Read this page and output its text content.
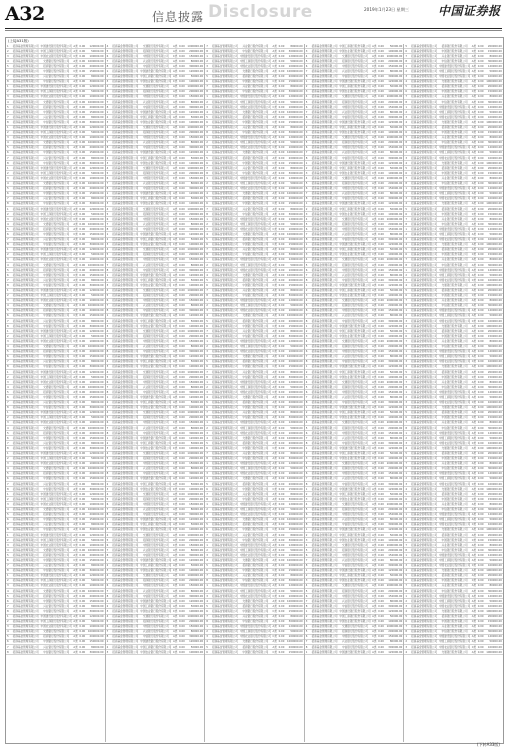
A32	信息披露 Disclosure	2019年1月23日 星期三 中国证券报
(上接A31版)
1	招商基金管理有限公司 中国建设银行股份有限公司 A类 0.00	120000.00
2	招商基金管理有限公司 中国工商银行股份有限公司 A类 0.00	50000.00
3	招商基金管理有限公司 中国农业银行股份有限公司 C类 0.00	100000.00
4	招商基金管理有限公司	交通银行股份有限公司	A类 0.00	1000000.00
5	招商基金管理有限公司	招商银行股份有限公司	A类 0.00	200000.00
6	招商基金管理有限公司	中国银行股份有限公司	C类 0.00	150000.00
7	招商基金管理有限公司	兴业银行股份有限公司	A类 0.00	80000.00
8	招商基金管理有限公司	中信银行股份有限公司	A类 0.00	300000.00
1	招商基金管理有限公司 中国建设银行股份有限公司 A类 0.00	120000.00
2	招商基金管理有限公司 中国工商银行股份有限公司 A类 0.00	50000.00
3	招商基金管理有限公司 中国农业银行股份有限公司 C类 0.00	100000.00
4	招商基金管理有限公司	交通银行股份有限公司	A类 0.00	1000000.00
5	招商基金管理有限公司	招商银行股份有限公司	A类 0.00	200000.00
6	招商基金管理有限公司	中国银行股份有限公司	C类 0.00	150000.00
7	招商基金管理有限公司	兴业银行股份有限公司	A类 0.00	80000.00
8	招商基金管理有限公司	中信银行股份有限公司	A类 0.00	300000.00
1	招商基金管理有限公司 中国建设银行股份有限公司 A类 0.00	120000.00
2	招商基金管理有限公司 中国工商银行股份有限公司 A类 0.00	50000.00
3	招商基金管理有限公司 中国农业银行股份有限公司 C类 0.00	100000.00
4	招商基金管理有限公司	交通银行股份有限公司	A类 0.00	1000000.00
5	招商基金管理有限公司	招商银行股份有限公司	A类 0.00	200000.00
6	招商基金管理有限公司	中国银行股份有限公司	C类 0.00	150000.00
7	招商基金管理有限公司	兴业银行股份有限公司	A类 0.00	80000.00
8	招商基金管理有限公司	中信银行股份有限公司	A类 0.00	300000.00
1	招商基金管理有限公司 中国建设银行股份有限公司 A类 0.00	120000.00
2	招商基金管理有限公司 中国工商银行股份有限公司 A类 0.00	50000.00
3	招商基金管理有限公司 中国农业银行股份有限公司 C类 0.00	100000.00
4	招商基金管理有限公司	交通银行股份有限公司	A类 0.00	1000000.00
5	招商基金管理有限公司	招商银行股份有限公司	A类 0.00	200000.00
6	招商基金管理有限公司	中国银行股份有限公司	C类 0.00	150000.00
7	招商基金管理有限公司	兴业银行股份有限公司	A类 0.00	80000.00
8	招商基金管理有限公司	中信银行股份有限公司	A类 0.00	300000.00
1	招商基金管理有限公司 中国建设银行股份有限公司 A类 0.00	120000.00
2	招商基金管理有限公司 中国工商银行股份有限公司 A类 0.00	50000.00
3	招商基金管理有限公司 中国农业银行股份有限公司 C类 0.00	100000.00
4	招商基金管理有限公司	交通银行股份有限公司	A类 0.00	1000000.00
5	招商基金管理有限公司	招商银行股份有限公司	A类 0.00	200000.00
6	招商基金管理有限公司	中国银行股份有限公司	C类 0.00	150000.00
7	招商基金管理有限公司	兴业银行股份有限公司	A类 0.00	80000.00
8	招商基金管理有限公司	中信银行股份有限公司	A类 0.00	300000.00
1	招商基金管理有限公司 中国建设银行股份有限公司 A类 0.00	120000.00
2	招商基金管理有限公司 中国工商银行股份有限公司 A类 0.00	50000.00
3	招商基金管理有限公司 中国农业银行股份有限公司 C类 0.00	100000.00
4	招商基金管理有限公司	交通银行股份有限公司	A类 0.00	1000000.00
5	招商基金管理有限公司	招商银行股份有限公司	A类 0.00	200000.00
6	招商基金管理有限公司	中国银行股份有限公司	C类 0.00	150000.00
7	招商基金管理有限公司	兴业银行股份有限公司	A类 0.00	80000.00
8	招商基金管理有限公司	中信银行股份有限公司	A类 0.00	300000.00
1	招商基金管理有限公司 中国建设银行股份有限公司 A类 0.00	120000.00
2	招商基金管理有限公司 中国工商银行股份有限公司 A类 0.00	50000.00
3	招商基金管理有限公司 中国农业银行股份有限公司 C类 0.00	100000.00
4	招商基金管理有限公司	交通银行股份有限公司	A类 0.00	1000000.00
5	招商基金管理有限公司	招商银行股份有限公司	A类 0.00	200000.00
6	招商基金管理有限公司	中国银行股份有限公司	C类 0.00	150000.00
7	招商基金管理有限公司	兴业银行股份有限公司	A类 0.00	80000.00
8	招商基金管理有限公司	中信银行股份有限公司	A类 0.00	300000.00
1	招商基金管理有限公司 中国建设银行股份有限公司 A类 0.00	120000.00
2	招商基金管理有限公司 中国工商银行股份有限公司 A类 0.00	50000.00
3	招商基金管理有限公司 中国农业银行股份有限公司 C类 0.00	100000.00
4	招商基金管理有限公司	交通银行股份有限公司	A类 0.00	1000000.00
5	招商基金管理有限公司	招商银行股份有限公司	A类 0.00	200000.00
6	招商基金管理有限公司	中国银行股份有限公司	C类 0.00	150000.00
7	招商基金管理有限公司	兴业银行股份有限公司	A类 0.00	80000.00
8	招商基金管理有限公司	中信银行股份有限公司	A类 0.00	300000.00
1	招商基金管理有限公司 中国建设银行股份有限公司 A类 0.00	120000.00
2	招商基金管理有限公司 中国工商银行股份有限公司 A类 0.00	50000.00
3	招商基金管理有限公司 中国农业银行股份有限公司 C类 0.00	100000.00
4	招商基金管理有限公司	交通银行股份有限公司	A类 0.00	1000000.00
5	招商基金管理有限公司	招商银行股份有限公司	A类 0.00	200000.00
6	招商基金管理有限公司	中国银行股份有限公司	C类 0.00	150000.00
7	招商基金管理有限公司	兴业银行股份有限公司	A类 0.00	80000.00
8	招商基金管理有限公司	中信银行股份有限公司	A类 0.00	300000.00
1	招商基金管理有限公司 中国建设银行股份有限公司 A类 0.00	120000.00
2	招商基金管理有限公司 中国工商银行股份有限公司 A类 0.00	50000.00
3	招商基金管理有限公司 中国农业银行股份有限公司 C类 0.00	100000.00
4	招商基金管理有限公司	交通银行股份有限公司	A类 0.00	1000000.00
5	招商基金管理有限公司	招商银行股份有限公司	A类 0.00	200000.00
6	招商基金管理有限公司	中国银行股份有限公司	C类 0.00	150000.00
7	招商基金管理有限公司	兴业银行股份有限公司	A类 0.00	80000.00
8	招商基金管理有限公司	中信银行股份有限公司	A类 0.00	300000.00
1	招商基金管理有限公司 中国建设银行股份有限公司 A类 0.00	120000.00
2	招商基金管理有限公司 中国工商银行股份有限公司 A类 0.00	50000.00
3	招商基金管理有限公司 中国农业银行股份有限公司 C类 0.00	100000.00
4	招商基金管理有限公司	交通银行股份有限公司	A类 0.00	1000000.00
5	招商基金管理有限公司	招商银行股份有限公司	A类 0.00	200000.00
6	招商基金管理有限公司	中国银行股份有限公司	C类 0.00	150000.00
7	招商基金管理有限公司	兴业银行股份有限公司	A类 0.00	80000.00
8	招商基金管理有限公司	中信银行股份有限公司	A类 0.00	300000.00
1	招商基金管理有限公司 中国建设银行股份有限公司 A类 0.00	120000.00
2	招商基金管理有限公司 中国工商银行股份有限公司 A类 0.00	50000.00
3	招商基金管理有限公司 中国农业银行股份有限公司 C类 0.00	100000.00
4	招商基金管理有限公司	交通银行股份有限公司	A类 0.00	1000000.00
5	招商基金管理有限公司	招商银行股份有限公司	A类 0.00	200000.00
6	招商基金管理有限公司	中国银行股份有限公司	C类 0.00	150000.00
7	招商基金管理有限公司	兴业银行股份有限公司	A类 0.00	80000.00
8	招商基金管理有限公司	中信银行股份有限公司	A类 0.00	300000.00
1	招商基金管理有限公司 中国建设银行股份有限公司 A类 0.00	120000.00
2	招商基金管理有限公司 中国工商银行股份有限公司 A类 0.00	50000.00
3	招商基金管理有限公司 中国农业银行股份有限公司 C类 0.00	100000.00
4	招商基金管理有限公司	交通银行股份有限公司	A类 0.00	1000000.00
5	招商基金管理有限公司	招商银行股份有限公司	A类 0.00	200000.00
6	招商基金管理有限公司	中国银行股份有限公司	C类 0.00	150000.00
7	招商基金管理有限公司	兴业银行股份有限公司	A类 0.00	80000.00
8	招商基金管理有限公司	中信银行股份有限公司	A类 0.00	300000.00
1	招商基金管理有限公司 中国建设银行股份有限公司 A类 0.00	120000.00
2	招商基金管理有限公司 中国工商银行股份有限公司 A类 0.00	50000.00
3	招商基金管理有限公司 中国农业银行股份有限公司 C类 0.00	100000.00
4	招商基金管理有限公司	交通银行股份有限公司	A类 0.00	1000000.00
5	招商基金管理有限公司	招商银行股份有限公司	A类 0.00	200000.00
6	招商基金管理有限公司	中国银行股份有限公司	C类 0.00	150000.00
7	招商基金管理有限公司	兴业银行股份有限公司	A类 0.00	80000.00
8	招商基金管理有限公司	中信银行股份有限公司	A类 0.00	300000.00
1	招商基金管理有限公司 中国建设银行股份有限公司 A类 0.00	120000.00
2	招商基金管理有限公司 中国工商银行股份有限公司 A类 0.00	50000.00
3	招商基金管理有限公司 中国农业银行股份有限公司 C类 0.00	100000.00
4	招商基金管理有限公司	交通银行股份有限公司	A类 0.00	1000000.00
5	招商基金管理有限公司	招商银行股份有限公司	A类 0.00	200000.00
6	招商基金管理有限公司	中国银行股份有限公司	C类 0.00	150000.00
7	招商基金管理有限公司	兴业银行股份有限公司	A类 0.00	80000.00
8	招商基金管理有限公司	中信银行股份有限公司	A类 0.00	300000.00
4	招商基金管理有限公司	交通银行股份有限公司	A类 0.00	1000000.00
5	招商基金管理有限公司	招商银行股份有限公司	A类 0.00	200000.00
6	招商基金管理有限公司	中国银行股份有限公司	C类 0.00	150000.00
7	招商基金管理有限公司	兴业银行股份有限公司	A类 0.00	80000.00
8	招商基金管理有限公司	中信银行股份有限公司	A类 0.00	300000.00
1	招商基金管理有限公司 中国建设银行股份有限公司 A类 0.00	120000.00
2	招商基金管理有限公司 中国工商银行股份有限公司 A类 0.00	50000.00
3	招商基金管理有限公司 中国农业银行股份有限公司 C类 0.00	100000.00
4	招商基金管理有限公司	交通银行股份有限公司	A类 0.00	1000000.00
5	招商基金管理有限公司	招商银行股份有限公司	A类 0.00	200000.00
6	招商基金管理有限公司	中国银行股份有限公司	C类 0.00	150000.00
7	招商基金管理有限公司	兴业银行股份有限公司	A类 0.00	80000.00
8	招商基金管理有限公司	中信银行股份有限公司	A类 0.00	300000.00
1	招商基金管理有限公司 中国建设银行股份有限公司 A类 0.00	120000.00
2	招商基金管理有限公司 中国工商银行股份有限公司 A类 0.00	50000.00
3	招商基金管理有限公司 中国农业银行股份有限公司 C类 0.00	100000.00
4	招商基金管理有限公司	交通银行股份有限公司	A类 0.00	1000000.00
5	招商基金管理有限公司	招商银行股份有限公司	A类 0.00	200000.00
6	招商基金管理有限公司	中国银行股份有限公司	C类 0.00	150000.00
7	招商基金管理有限公司	兴业银行股份有限公司	A类 0.00	80000.00
8	招商基金管理有限公司	中信银行股份有限公司	A类 0.00	300000.00
1	招商基金管理有限公司 中国建设银行股份有限公司 A类 0.00	120000.00
2	招商基金管理有限公司 中国工商银行股份有限公司 A类 0.00	50000.00
3	招商基金管理有限公司 中国农业银行股份有限公司 C类 0.00	100000.00
4	招商基金管理有限公司	交通银行股份有限公司	A类 0.00	1000000.00
5	招商基金管理有限公司	招商银行股份有限公司	A类 0.00	200000.00
6	招商基金管理有限公司	中国银行股份有限公司	C类 0.00	150000.00
7	招商基金管理有限公司	兴业银行股份有限公司	A类 0.00	80000.00
8	招商基金管理有限公司	中信银行股份有限公司	A类 0.00	300000.00
1	招商基金管理有限公司 中国建设银行股份有限公司 A类 0.00	120000.00
2	招商基金管理有限公司 中国工商银行股份有限公司 A类 0.00	50000.00
3	招商基金管理有限公司 中国农业银行股份有限公司 C类 0.00	100000.00
4	招商基金管理有限公司	交通银行股份有限公司	A类 0.00	1000000.00
5	招商基金管理有限公司	招商银行股份有限公司	A类 0.00	200000.00
6	招商基金管理有限公司	中国银行股份有限公司	C类 0.00	150000.00
7	招商基金管理有限公司	兴业银行股份有限公司	A类 0.00	80000.00
8	招商基金管理有限公司	中信银行股份有限公司	A类 0.00	300000.00
1	招商基金管理有限公司 中国建设银行股份有限公司 A类 0.00	120000.00
2	招商基金管理有限公司 中国工商银行股份有限公司 A类 0.00	50000.00
3	招商基金管理有限公司 中国农业银行股份有限公司 C类 0.00	100000.00
4	招商基金管理有限公司	交通银行股份有限公司	A类 0.00	1000000.00
5	招商基金管理有限公司	招商银行股份有限公司	A类 0.00	200000.00
6	招商基金管理有限公司	中国银行股份有限公司	C类 0.00	150000.00
7	招商基金管理有限公司	兴业银行股份有限公司	A类 0.00	80000.00
8	招商基金管理有限公司	中信银行股份有限公司	A类 0.00	300000.00
1	招商基金管理有限公司 中国建设银行股份有限公司 A类 0.00	120000.00
2	招商基金管理有限公司 中国工商银行股份有限公司 A类 0.00	50000.00
3	招商基金管理有限公司 中国农业银行股份有限公司 C类 0.00	100000.00
4	招商基金管理有限公司	交通银行股份有限公司	A类 0.00	1000000.00
5	招商基金管理有限公司	招商银行股份有限公司	A类 0.00	200000.00
6	招商基金管理有限公司	中国银行股份有限公司	C类 0.00	150000.00
7	招商基金管理有限公司	兴业银行股份有限公司	A类 0.00	80000.00
8	招商基金管理有限公司	中信银行股份有限公司	A类 0.00	300000.00
1	招商基金管理有限公司 中国建设银行股份有限公司 A类 0.00	120000.00
2	招商基金管理有限公司 中国工商银行股份有限公司 A类 0.00	50000.00
3	招商基金管理有限公司 中国农业银行股份有限公司 C类 0.00	100000.00
4	招商基金管理有限公司	交通银行股份有限公司	A类 0.00	1000000.00
5	招商基金管理有限公司	招商银行股份有限公司	A类 0.00	200000.00
6	招商基金管理有限公司	中国银行股份有限公司	C类 0.00	150000.00
7	招商基金管理有限公司	兴业银行股份有限公司	A类 0.00	80000.00
8	招商基金管理有限公司	中信银行股份有限公司	A类 0.00	300000.00
1	招商基金管理有限公司 中国建设银行股份有限公司 A类 0.00	120000.00
2	招商基金管理有限公司 中国工商银行股份有限公司 A类 0.00	50000.00
3	招商基金管理有限公司 中国农业银行股份有限公司 C类 0.00	100000.00
4	招商基金管理有限公司	交通银行股份有限公司	A类 0.00	1000000.00
5	招商基金管理有限公司	招商银行股份有限公司	A类 0.00	200000.00
6	招商基金管理有限公司	中国银行股份有限公司	C类 0.00	150000.00
7	招商基金管理有限公司	兴业银行股份有限公司	A类 0.00	80000.00
8	招商基金管理有限公司	中信银行股份有限公司	A类 0.00	300000.00
1	招商基金管理有限公司 中国建设银行股份有限公司 A类 0.00	120000.00
2	招商基金管理有限公司 中国工商银行股份有限公司 A类 0.00	50000.00
3	招商基金管理有限公司 中国农业银行股份有限公司 C类 0.00	100000.00
4	招商基金管理有限公司	交通银行股份有限公司	A类 0.00	1000000.00
5	招商基金管理有限公司	招商银行股份有限公司	A类 0.00	200000.00
6	招商基金管理有限公司	中国银行股份有限公司	C类 0.00	150000.00
7	招商基金管理有限公司	兴业银行股份有限公司	A类 0.00	80000.00
8	招商基金管理有限公司	中信银行股份有限公司	A类 0.00	300000.00
1	招商基金管理有限公司 中国建设银行股份有限公司 A类 0.00	120000.00
2	招商基金管理有限公司 中国工商银行股份有限公司 A类 0.00	50000.00
3	招商基金管理有限公司 中国农业银行股份有限公司 C类 0.00	100000.00
4	招商基金管理有限公司	交通银行股份有限公司	A类 0.00	1000000.00
5	招商基金管理有限公司	招商银行股份有限公司	A类 0.00	200000.00
6	招商基金管理有限公司	中国银行股份有限公司	C类 0.00	150000.00
7	招商基金管理有限公司	兴业银行股份有限公司	A类 0.00	80000.00
8	招商基金管理有限公司	中信银行股份有限公司	A类 0.00	300000.00
1	招商基金管理有限公司 中国建设银行股份有限公司 A类 0.00	120000.00
2	招商基金管理有限公司 中国工商银行股份有限公司 A类 0.00	50000.00
3	招商基金管理有限公司 中国农业银行股份有限公司 C类 0.00	100000.00
4	招商基金管理有限公司	交通银行股份有限公司	A类 0.00	1000000.00
5	招商基金管理有限公司	招商银行股份有限公司	A类 0.00	200000.00
6	招商基金管理有限公司	中国银行股份有限公司	C类 0.00	150000.00
7	招商基金管理有限公司	兴业银行股份有限公司	A类 0.00	80000.00
8	招商基金管理有限公司	中信银行股份有限公司	A类 0.00	300000.00
1	招商基金管理有限公司 中国建设银行股份有限公司 A类 0.00	120000.00
2	招商基金管理有限公司 中国工商银行股份有限公司 A类 0.00	50000.00
3	招商基金管理有限公司 中国农业银行股份有限公司 C类 0.00	100000.00
4	招商基金管理有限公司	交通银行股份有限公司	A类 0.00	1000000.00
5	招商基金管理有限公司	招商银行股份有限公司	A类 0.00	200000.00
6	招商基金管理有限公司	中国银行股份有限公司	C类 0.00	150000.00
7	招商基金管理有限公司	兴业银行股份有限公司	A类 0.00	80000.00
8	招商基金管理有限公司	中信银行股份有限公司	A类 0.00	300000.00
1	招商基金管理有限公司 中国建设银行股份有限公司 A类 0.00	120000.00
2	招商基金管理有限公司 中国工商银行股份有限公司 A类 0.00	50000.00
3	招商基金管理有限公司 中国农业银行股份有限公司 C类 0.00	100000.00
4	招商基金管理有限公司	交通银行股份有限公司	A类 0.00	1000000.00
5	招商基金管理有限公司	招商银行股份有限公司	A类 0.00	200000.00
6	招商基金管理有限公司	中国银行股份有限公司	C类 0.00	150000.00
7	招商基金管理有限公司	兴业银行股份有限公司	A类 0.00	80000.00
8	招商基金管理有限公司	中信银行股份有限公司	A类 0.00	300000.00
1	招商基金管理有限公司 中国建设银行股份有限公司 A类 0.00	120000.00
2	招商基金管理有限公司 中国工商银行股份有限公司 A类 0.00	50000.00
3	招商基金管理有限公司 中国农业银行股份有限公司 C类 0.00	100000.00
4	招商基金管理有限公司	交通银行股份有限公司	A类 0.00	1000000.00
5	招商基金管理有限公司	招商银行股份有限公司	A类 0.00	200000.00
6	招商基金管理有限公司	中国银行股份有限公司	C类 0.00	150000.00
7	招商基金管理有限公司	兴业银行股份有限公司	A类 0.00	80000.00
8	招商基金管理有限公司	中信银行股份有限公司	A类 0.00	300000.00
1	招商基金管理有限公司 中国建设银行股份有限公司 A类 0.00	120000.00
2	招商基金管理有限公司 中国工商银行股份有限公司 A类 0.00	50000.00
3	招商基金管理有限公司 中国农业银行股份有限公司 C类 0.00	100000.00
7	招商基金管理有限公司	兴业银行股份有限公司	A类 0.00	80000.00
8	招商基金管理有限公司	中信银行股份有限公司	A类 0.00	300000.00
1	招商基金管理有限公司 中国建设银行股份有限公司 A类 0.00	120000.00
2	招商基金管理有限公司 中国工商银行股份有限公司 A类 0.00	50000.00
3	招商基金管理有限公司 中国农业银行股份有限公司 C类 0.00	100000.00
4	招商基金管理有限公司	交通银行股份有限公司	A类 0.00	1000000.00
5	招商基金管理有限公司	招商银行股份有限公司	A类 0.00	200000.00
6	招商基金管理有限公司	中国银行股份有限公司	C类 0.00	150000.00
7	招商基金管理有限公司	兴业银行股份有限公司	A类 0.00	80000.00
8	招商基金管理有限公司	中信银行股份有限公司	A类 0.00	300000.00
1	招商基金管理有限公司 中国建设银行股份有限公司 A类 0.00	120000.00
2	招商基金管理有限公司 中国工商银行股份有限公司 A类 0.00	50000.00
3	招商基金管理有限公司 中国农业银行股份有限公司 C类 0.00	100000.00
4	招商基金管理有限公司	交通银行股份有限公司	A类 0.00	1000000.00
5	招商基金管理有限公司	招商银行股份有限公司	A类 0.00	200000.00
6	招商基金管理有限公司	中国银行股份有限公司	C类 0.00	150000.00
7	招商基金管理有限公司	兴业银行股份有限公司	A类 0.00	80000.00
8	招商基金管理有限公司	中信银行股份有限公司	A类 0.00	300000.00
1	招商基金管理有限公司 中国建设银行股份有限公司 A类 0.00	120000.00
2	招商基金管理有限公司 中国工商银行股份有限公司 A类 0.00	50000.00
3	招商基金管理有限公司 中国农业银行股份有限公司 C类 0.00	100000.00
4	招商基金管理有限公司	交通银行股份有限公司	A类 0.00	1000000.00
5	招商基金管理有限公司	招商银行股份有限公司	A类 0.00	200000.00
6	招商基金管理有限公司	中国银行股份有限公司	C类 0.00	150000.00
7	招商基金管理有限公司	兴业银行股份有限公司	A类 0.00	80000.00
8	招商基金管理有限公司	中信银行股份有限公司	A类 0.00	300000.00
1	招商基金管理有限公司 中国建设银行股份有限公司 A类 0.00	120000.00
2	招商基金管理有限公司 中国工商银行股份有限公司 A类 0.00	50000.00
3	招商基金管理有限公司 中国农业银行股份有限公司 C类 0.00	100000.00
4	招商基金管理有限公司	交通银行股份有限公司	A类 0.00	1000000.00
5	招商基金管理有限公司	招商银行股份有限公司	A类 0.00	200000.00
6	招商基金管理有限公司	中国银行股份有限公司	C类 0.00	150000.00
7	招商基金管理有限公司	兴业银行股份有限公司	A类 0.00	80000.00
8	招商基金管理有限公司	中信银行股份有限公司	A类 0.00	300000.00
1	招商基金管理有限公司 中国建设银行股份有限公司 A类 0.00	120000.00
2	招商基金管理有限公司 中国工商银行股份有限公司 A类 0.00	50000.00
3	招商基金管理有限公司 中国农业银行股份有限公司 C类 0.00	100000.00
4	招商基金管理有限公司	交通银行股份有限公司	A类 0.00	1000000.00
5	招商基金管理有限公司	招商银行股份有限公司	A类 0.00	200000.00
6	招商基金管理有限公司	中国银行股份有限公司	C类 0.00	150000.00
7	招商基金管理有限公司	兴业银行股份有限公司	A类 0.00	80000.00
8	招商基金管理有限公司	中信银行股份有限公司	A类 0.00	300000.00
1	招商基金管理有限公司 中国建设银行股份有限公司 A类 0.00	120000.00
2	招商基金管理有限公司 中国工商银行股份有限公司 A类 0.00	50000.00
3	招商基金管理有限公司 中国农业银行股份有限公司 C类 0.00	100000.00
4	招商基金管理有限公司	交通银行股份有限公司	A类 0.00	1000000.00
5	招商基金管理有限公司	招商银行股份有限公司	A类 0.00	200000.00
6	招商基金管理有限公司	中国银行股份有限公司	C类 0.00	150000.00
7	招商基金管理有限公司	兴业银行股份有限公司	A类 0.00	80000.00
8	招商基金管理有限公司	中信银行股份有限公司	A类 0.00	300000.00
1	招商基金管理有限公司 中国建设银行股份有限公司 A类 0.00	120000.00
2	招商基金管理有限公司 中国工商银行股份有限公司 A类 0.00	50000.00
3	招商基金管理有限公司 中国农业银行股份有限公司 C类 0.00	100000.00
4	招商基金管理有限公司	交通银行股份有限公司	A类 0.00	1000000.00
5	招商基金管理有限公司	招商银行股份有限公司	A类 0.00	200000.00
6	招商基金管理有限公司	中国银行股份有限公司	C类 0.00	150000.00
7	招商基金管理有限公司	兴业银行股份有限公司	A类 0.00	80000.00
8	招商基金管理有限公司	中信银行股份有限公司	A类 0.00	300000.00
1	招商基金管理有限公司 中国建设银行股份有限公司 A类 0.00	120000.00
2	招商基金管理有限公司 中国工商银行股份有限公司 A类 0.00	50000.00
3	招商基金管理有限公司 中国农业银行股份有限公司 C类 0.00	100000.00
4	招商基金管理有限公司	交通银行股份有限公司	A类 0.00	1000000.00
5	招商基金管理有限公司	招商银行股份有限公司	A类 0.00	200000.00
6	招商基金管理有限公司	中国银行股份有限公司	C类 0.00	150000.00
7	招商基金管理有限公司	兴业银行股份有限公司	A类 0.00	80000.00
8	招商基金管理有限公司	中信银行股份有限公司	A类 0.00	300000.00
1	招商基金管理有限公司 中国建设银行股份有限公司 A类 0.00	120000.00
2	招商基金管理有限公司 中国工商银行股份有限公司 A类 0.00	50000.00
3	招商基金管理有限公司 中国农业银行股份有限公司 C类 0.00	100000.00
4	招商基金管理有限公司	交通银行股份有限公司	A类 0.00	1000000.00
5	招商基金管理有限公司	招商银行股份有限公司	A类 0.00	200000.00
6	招商基金管理有限公司	中国银行股份有限公司	C类 0.00	150000.00
7	招商基金管理有限公司	兴业银行股份有限公司	A类 0.00	80000.00
8	招商基金管理有限公司	中信银行股份有限公司	A类 0.00	300000.00
1	招商基金管理有限公司 中国建设银行股份有限公司 A类 0.00	120000.00
2	招商基金管理有限公司 中国工商银行股份有限公司 A类 0.00	50000.00
3	招商基金管理有限公司 中国农业银行股份有限公司 C类 0.00	100000.00
4	招商基金管理有限公司	交通银行股份有限公司	A类 0.00	1000000.00
5	招商基金管理有限公司	招商银行股份有限公司	A类 0.00	200000.00
6	招商基金管理有限公司	中国银行股份有限公司	C类 0.00	150000.00
7	招商基金管理有限公司	兴业银行股份有限公司	A类 0.00	80000.00
8	招商基金管理有限公司	中信银行股份有限公司	A类 0.00	300000.00
1	招商基金管理有限公司 中国建设银行股份有限公司 A类 0.00	120000.00
2	招商基金管理有限公司 中国工商银行股份有限公司 A类 0.00	50000.00
3	招商基金管理有限公司 中国农业银行股份有限公司 C类 0.00	100000.00
4	招商基金管理有限公司	交通银行股份有限公司	A类 0.00	1000000.00
5	招商基金管理有限公司	招商银行股份有限公司	A类 0.00	200000.00
6	招商基金管理有限公司	中国银行股份有限公司	C类 0.00	150000.00
7	招商基金管理有限公司	兴业银行股份有限公司	A类 0.00	80000.00
8	招商基金管理有限公司	中信银行股份有限公司	A类 0.00	300000.00
1	招商基金管理有限公司 中国建设银行股份有限公司 A类 0.00	120000.00
2	招商基金管理有限公司 中国工商银行股份有限公司 A类 0.00	50000.00
3	招商基金管理有限公司 中国农业银行股份有限公司 C类 0.00	100000.00
4	招商基金管理有限公司	交通银行股份有限公司	A类 0.00	1000000.00
5	招商基金管理有限公司	招商银行股份有限公司	A类 0.00	200000.00
6	招商基金管理有限公司	中国银行股份有限公司	C类 0.00	150000.00
7	招商基金管理有限公司	兴业银行股份有限公司	A类 0.00	80000.00
8	招商基金管理有限公司	中信银行股份有限公司	A类 0.00	300000.00
1	招商基金管理有限公司 中国建设银行股份有限公司 A类 0.00	120000.00
2	招商基金管理有限公司 中国工商银行股份有限公司 A类 0.00	50000.00
3	招商基金管理有限公司 中国农业银行股份有限公司 C类 0.00	100000.00
4	招商基金管理有限公司	交通银行股份有限公司	A类 0.00	1000000.00
5	招商基金管理有限公司	招商银行股份有限公司	A类 0.00	200000.00
6	招商基金管理有限公司	中国银行股份有限公司	C类 0.00	150000.00
7	招商基金管理有限公司	兴业银行股份有限公司	A类 0.00	80000.00
8	招商基金管理有限公司	中信银行股份有限公司	A类 0.00	300000.00
1	招商基金管理有限公司 中国建设银行股份有限公司 A类 0.00	120000.00
2	招商基金管理有限公司 中国工商银行股份有限公司 A类 0.00	50000.00
3	招商基金管理有限公司 中国农业银行股份有限公司 C类 0.00	100000.00
4	招商基金管理有限公司	交通银行股份有限公司	A类 0.00	1000000.00
5	招商基金管理有限公司	招商银行股份有限公司	A类 0.00	200000.00
6	招商基金管理有限公司	中国银行股份有限公司	C类 0.00	150000.00
7	招商基金管理有限公司	兴业银行股份有限公司	A类 0.00	80000.00
8	招商基金管理有限公司	中信银行股份有限公司	A类 0.00	300000.00
1	招商基金管理有限公司 中国建设银行股份有限公司 A类 0.00	120000.00
2	招商基金管理有限公司 中国工商银行股份有限公司 A类 0.00	50000.00
3	招商基金管理有限公司 中国农业银行股份有限公司 C类 0.00	100000.00
4	招商基金管理有限公司	交通银行股份有限公司	A类 0.00	1000000.00
5	招商基金管理有限公司	招商银行股份有限公司	A类 0.00	200000.00
6	招商基金管理有限公司	中国银行股份有限公司	C类 0.00	150000.00
2	招商基金管理有限公司 中国工商银行股份有限公司 A类 0.00	50000.00
3	招商基金管理有限公司 中国农业银行股份有限公司 C类 0.00	100000.00
4	招商基金管理有限公司	交通银行股份有限公司	A类 0.00	1000000.00
5	招商基金管理有限公司	招商银行股份有限公司	A类 0.00	200000.00
6	招商基金管理有限公司	中国银行股份有限公司	C类 0.00	150000.00
7	招商基金管理有限公司	兴业银行股份有限公司	A类 0.00	80000.00
8	招商基金管理有限公司	中信银行股份有限公司	A类 0.00	300000.00
1	招商基金管理有限公司 中国建设银行股份有限公司 A类 0.00	120000.00
2	招商基金管理有限公司 中国工商银行股份有限公司 A类 0.00	50000.00
3	招商基金管理有限公司 中国农业银行股份有限公司 C类 0.00	100000.00
4	招商基金管理有限公司	交通银行股份有限公司	A类 0.00	1000000.00
5	招商基金管理有限公司	招商银行股份有限公司	A类 0.00	200000.00
6	招商基金管理有限公司	中国银行股份有限公司	C类 0.00	150000.00
7	招商基金管理有限公司	兴业银行股份有限公司	A类 0.00	80000.00
8	招商基金管理有限公司	中信银行股份有限公司	A类 0.00	300000.00
1	招商基金管理有限公司 中国建设银行股份有限公司 A类 0.00	120000.00
2	招商基金管理有限公司 中国工商银行股份有限公司 A类 0.00	50000.00
3	招商基金管理有限公司 中国农业银行股份有限公司 C类 0.00	100000.00
4	招商基金管理有限公司	交通银行股份有限公司	A类 0.00	1000000.00
5	招商基金管理有限公司	招商银行股份有限公司	A类 0.00	200000.00
6	招商基金管理有限公司	中国银行股份有限公司	C类 0.00	150000.00
7	招商基金管理有限公司	兴业银行股份有限公司	A类 0.00	80000.00
8	招商基金管理有限公司	中信银行股份有限公司	A类 0.00	300000.00
1	招商基金管理有限公司 中国建设银行股份有限公司 A类 0.00	120000.00
2	招商基金管理有限公司 中国工商银行股份有限公司 A类 0.00	50000.00
3	招商基金管理有限公司 中国农业银行股份有限公司 C类 0.00	100000.00
4	招商基金管理有限公司	交通银行股份有限公司	A类 0.00	1000000.00
5	招商基金管理有限公司	招商银行股份有限公司	A类 0.00	200000.00
6	招商基金管理有限公司	中国银行股份有限公司	C类 0.00	150000.00
7	招商基金管理有限公司	兴业银行股份有限公司	A类 0.00	80000.00
8	招商基金管理有限公司	中信银行股份有限公司	A类 0.00	300000.00
1	招商基金管理有限公司 中国建设银行股份有限公司 A类 0.00	120000.00
2	招商基金管理有限公司 中国工商银行股份有限公司 A类 0.00	50000.00
3	招商基金管理有限公司 中国农业银行股份有限公司 C类 0.00	100000.00
4	招商基金管理有限公司	交通银行股份有限公司	A类 0.00	1000000.00
5	招商基金管理有限公司	招商银行股份有限公司	A类 0.00	200000.00
6	招商基金管理有限公司	中国银行股份有限公司	C类 0.00	150000.00
7	招商基金管理有限公司	兴业银行股份有限公司	A类 0.00	80000.00
8	招商基金管理有限公司	中信银行股份有限公司	A类 0.00	300000.00
1	招商基金管理有限公司 中国建设银行股份有限公司 A类 0.00	120000.00
2	招商基金管理有限公司 中国工商银行股份有限公司 A类 0.00	50000.00
3	招商基金管理有限公司 中国农业银行股份有限公司 C类 0.00	100000.00
4	招商基金管理有限公司	交通银行股份有限公司	A类 0.00	1000000.00
5	招商基金管理有限公司	招商银行股份有限公司	A类 0.00	200000.00
6	招商基金管理有限公司	中国银行股份有限公司	C类 0.00	150000.00
7	招商基金管理有限公司	兴业银行股份有限公司	A类 0.00	80000.00
8	招商基金管理有限公司	中信银行股份有限公司	A类 0.00	300000.00
1	招商基金管理有限公司 中国建设银行股份有限公司 A类 0.00	120000.00
2	招商基金管理有限公司 中国工商银行股份有限公司 A类 0.00	50000.00
3	招商基金管理有限公司 中国农业银行股份有限公司 C类 0.00	100000.00
4	招商基金管理有限公司	交通银行股份有限公司	A类 0.00	1000000.00
5	招商基金管理有限公司	招商银行股份有限公司	A类 0.00	200000.00
6	招商基金管理有限公司	中国银行股份有限公司	C类 0.00	150000.00
7	招商基金管理有限公司	兴业银行股份有限公司	A类 0.00	80000.00
8	招商基金管理有限公司	中信银行股份有限公司	A类 0.00	300000.00
1	招商基金管理有限公司 中国建设银行股份有限公司 A类 0.00	120000.00
2	招商基金管理有限公司 中国工商银行股份有限公司 A类 0.00	50000.00
3	招商基金管理有限公司 中国农业银行股份有限公司 C类 0.00	100000.00
4	招商基金管理有限公司	交通银行股份有限公司	A类 0.00	1000000.00
5	招商基金管理有限公司	招商银行股份有限公司	A类 0.00	200000.00
6	招商基金管理有限公司	中国银行股份有限公司	C类 0.00	150000.00
7	招商基金管理有限公司	兴业银行股份有限公司	A类 0.00	80000.00
8	招商基金管理有限公司	中信银行股份有限公司	A类 0.00	300000.00
1	招商基金管理有限公司 中国建设银行股份有限公司 A类 0.00	120000.00
2	招商基金管理有限公司 中国工商银行股份有限公司 A类 0.00	50000.00
3	招商基金管理有限公司 中国农业银行股份有限公司 C类 0.00	100000.00
4	招商基金管理有限公司	交通银行股份有限公司	A类 0.00	1000000.00
5	招商基金管理有限公司	招商银行股份有限公司	A类 0.00	200000.00
6	招商基金管理有限公司	中国银行股份有限公司	C类 0.00	150000.00
7	招商基金管理有限公司	兴业银行股份有限公司	A类 0.00	80000.00
8	招商基金管理有限公司	中信银行股份有限公司	A类 0.00	300000.00
1	招商基金管理有限公司 中国建设银行股份有限公司 A类 0.00	120000.00
2	招商基金管理有限公司 中国工商银行股份有限公司 A类 0.00	50000.00
3	招商基金管理有限公司 中国农业银行股份有限公司 C类 0.00	100000.00
4	招商基金管理有限公司	交通银行股份有限公司	A类 0.00	1000000.00
5	招商基金管理有限公司	招商银行股份有限公司	A类 0.00	200000.00
6	招商基金管理有限公司	中国银行股份有限公司	C类 0.00	150000.00
7	招商基金管理有限公司	兴业银行股份有限公司	A类 0.00	80000.00
8	招商基金管理有限公司	中信银行股份有限公司	A类 0.00	300000.00
1	招商基金管理有限公司 中国建设银行股份有限公司 A类 0.00	120000.00
2	招商基金管理有限公司 中国工商银行股份有限公司 A类 0.00	50000.00
3	招商基金管理有限公司 中国农业银行股份有限公司 C类 0.00	100000.00
4	招商基金管理有限公司	交通银行股份有限公司	A类 0.00	1000000.00
5	招商基金管理有限公司	招商银行股份有限公司	A类 0.00	200000.00
6	招商基金管理有限公司	中国银行股份有限公司	C类 0.00	150000.00
7	招商基金管理有限公司	兴业银行股份有限公司	A类 0.00	80000.00
8	招商基金管理有限公司	中信银行股份有限公司	A类 0.00	300000.00
1	招商基金管理有限公司 中国建设银行股份有限公司 A类 0.00	120000.00
2	招商基金管理有限公司 中国工商银行股份有限公司 A类 0.00	50000.00
3	招商基金管理有限公司 中国农业银行股份有限公司 C类 0.00	100000.00
4	招商基金管理有限公司	交通银行股份有限公司	A类 0.00	1000000.00
5	招商基金管理有限公司	招商银行股份有限公司	A类 0.00	200000.00
6	招商基金管理有限公司	中国银行股份有限公司	C类 0.00	150000.00
7	招商基金管理有限公司	兴业银行股份有限公司	A类 0.00	80000.00
8	招商基金管理有限公司	中信银行股份有限公司	A类 0.00	300000.00
1	招商基金管理有限公司 中国建设银行股份有限公司 A类 0.00	120000.00
2	招商基金管理有限公司 中国工商银行股份有限公司 A类 0.00	50000.00
3	招商基金管理有限公司 中国农业银行股份有限公司 C类 0.00	100000.00
4	招商基金管理有限公司	交通银行股份有限公司	A类 0.00	1000000.00
5	招商基金管理有限公司	招商银行股份有限公司	A类 0.00	200000.00
6	招商基金管理有限公司	中国银行股份有限公司	C类 0.00	150000.00
7	招商基金管理有限公司	兴业银行股份有限公司	A类 0.00	80000.00
8	招商基金管理有限公司	中信银行股份有限公司	A类 0.00	300000.00
1	招商基金管理有限公司 中国建设银行股份有限公司 A类 0.00	120000.00
2	招商基金管理有限公司 中国工商银行股份有限公司 A类 0.00	50000.00
3	招商基金管理有限公司 中国农业银行股份有限公司 C类 0.00	100000.00
4	招商基金管理有限公司	交通银行股份有限公司	A类 0.00	1000000.00
5	招商基金管理有限公司	招商银行股份有限公司	A类 0.00	200000.00
6	招商基金管理有限公司	中国银行股份有限公司	C类 0.00	150000.00
7	招商基金管理有限公司	兴业银行股份有限公司	A类 0.00	80000.00
8	招商基金管理有限公司	中信银行股份有限公司	A类 0.00	300000.00
1	招商基金管理有限公司 中国建设银行股份有限公司 A类 0.00	120000.00
2	招商基金管理有限公司 中国工商银行股份有限公司 A类 0.00	50000.00
3	招商基金管理有限公司 中国农业银行股份有限公司 C类 0.00	100000.00
4	招商基金管理有限公司	交通银行股份有限公司	A类 0.00	1000000.00
5	招商基金管理有限公司	招商银行股份有限公司	A类 0.00	200000.00
6	招商基金管理有限公司	中国银行股份有限公司	C类 0.00	150000.00
7	招商基金管理有限公司	兴业银行股份有限公司	A类 0.00	80000.00
8	招商基金管理有限公司	中信银行股份有限公司	A类 0.00	300000.00
1	招商基金管理有限公司 中国建设银行股份有限公司 A类 0.00	120000.00
5	招商基金管理有限公司	招商银行股份有限公司	A类 0.00	200000.00
6	招商基金管理有限公司	中国银行股份有限公司	C类 0.00	150000.00
7	招商基金管理有限公司	兴业银行股份有限公司	A类 0.00	80000.00
8	招商基金管理有限公司	中信银行股份有限公司	A类 0.00	300000.00
1	招商基金管理有限公司 中国建设银行股份有限公司 A类 0.00	120000.00
2	招商基金管理有限公司 中国工商银行股份有限公司 A类 0.00	50000.00
3	招商基金管理有限公司 中国农业银行股份有限公司 C类 0.00	100000.00
4	招商基金管理有限公司	交通银行股份有限公司	A类 0.00	1000000.00
5	招商基金管理有限公司	招商银行股份有限公司	A类 0.00	200000.00
6	招商基金管理有限公司	中国银行股份有限公司	C类 0.00	150000.00
7	招商基金管理有限公司	兴业银行股份有限公司	A类 0.00	80000.00
8	招商基金管理有限公司	中信银行股份有限公司	A类 0.00	300000.00
1	招商基金管理有限公司 中国建设银行股份有限公司 A类 0.00	120000.00
2	招商基金管理有限公司 中国工商银行股份有限公司 A类 0.00	50000.00
3	招商基金管理有限公司 中国农业银行股份有限公司 C类 0.00	100000.00
4	招商基金管理有限公司	交通银行股份有限公司	A类 0.00	1000000.00
5	招商基金管理有限公司	招商银行股份有限公司	A类 0.00	200000.00
6	招商基金管理有限公司	中国银行股份有限公司	C类 0.00	150000.00
7	招商基金管理有限公司	兴业银行股份有限公司	A类 0.00	80000.00
8	招商基金管理有限公司	中信银行股份有限公司	A类 0.00	300000.00
1	招商基金管理有限公司 中国建设银行股份有限公司 A类 0.00	120000.00
2	招商基金管理有限公司 中国工商银行股份有限公司 A类 0.00	50000.00
3	招商基金管理有限公司 中国农业银行股份有限公司 C类 0.00	100000.00
4	招商基金管理有限公司	交通银行股份有限公司	A类 0.00	1000000.00
5	招商基金管理有限公司	招商银行股份有限公司	A类 0.00	200000.00
6	招商基金管理有限公司	中国银行股份有限公司	C类 0.00	150000.00
7	招商基金管理有限公司	兴业银行股份有限公司	A类 0.00	80000.00
8	招商基金管理有限公司	中信银行股份有限公司	A类 0.00	300000.00
1	招商基金管理有限公司 中国建设银行股份有限公司 A类 0.00	120000.00
2	招商基金管理有限公司 中国工商银行股份有限公司 A类 0.00	50000.00
3	招商基金管理有限公司 中国农业银行股份有限公司 C类 0.00	100000.00
4	招商基金管理有限公司	交通银行股份有限公司	A类 0.00	1000000.00
5	招商基金管理有限公司	招商银行股份有限公司	A类 0.00	200000.00
6	招商基金管理有限公司	中国银行股份有限公司	C类 0.00	150000.00
7	招商基金管理有限公司	兴业银行股份有限公司	A类 0.00	80000.00
8	招商基金管理有限公司	中信银行股份有限公司	A类 0.00	300000.00
1	招商基金管理有限公司 中国建设银行股份有限公司 A类 0.00	120000.00
2	招商基金管理有限公司 中国工商银行股份有限公司 A类 0.00	50000.00
3	招商基金管理有限公司 中国农业银行股份有限公司 C类 0.00	100000.00
4	招商基金管理有限公司	交通银行股份有限公司	A类 0.00	1000000.00
5	招商基金管理有限公司	招商银行股份有限公司	A类 0.00	200000.00
6	招商基金管理有限公司	中国银行股份有限公司	C类 0.00	150000.00
7	招商基金管理有限公司	兴业银行股份有限公司	A类 0.00	80000.00
8	招商基金管理有限公司	中信银行股份有限公司	A类 0.00	300000.00
1	招商基金管理有限公司 中国建设银行股份有限公司 A类 0.00	120000.00
2	招商基金管理有限公司 中国工商银行股份有限公司 A类 0.00	50000.00
3	招商基金管理有限公司 中国农业银行股份有限公司 C类 0.00	100000.00
4	招商基金管理有限公司	交通银行股份有限公司	A类 0.00	1000000.00
5	招商基金管理有限公司	招商银行股份有限公司	A类 0.00	200000.00
6	招商基金管理有限公司	中国银行股份有限公司	C类 0.00	150000.00
7	招商基金管理有限公司	兴业银行股份有限公司	A类 0.00	80000.00
8	招商基金管理有限公司	中信银行股份有限公司	A类 0.00	300000.00
1	招商基金管理有限公司 中国建设银行股份有限公司 A类 0.00	120000.00
2	招商基金管理有限公司 中国工商银行股份有限公司 A类 0.00	50000.00
3	招商基金管理有限公司 中国农业银行股份有限公司 C类 0.00	100000.00
4	招商基金管理有限公司	交通银行股份有限公司	A类 0.00	1000000.00
5	招商基金管理有限公司	招商银行股份有限公司	A类 0.00	200000.00
6	招商基金管理有限公司	中国银行股份有限公司	C类 0.00	150000.00
7	招商基金管理有限公司	兴业银行股份有限公司	A类 0.00	80000.00
8	招商基金管理有限公司	中信银行股份有限公司	A类 0.00	300000.00
1	招商基金管理有限公司 中国建设银行股份有限公司 A类 0.00	120000.00
2	招商基金管理有限公司 中国工商银行股份有限公司 A类 0.00	50000.00
3	招商基金管理有限公司 中国农业银行股份有限公司 C类 0.00	100000.00
4	招商基金管理有限公司	交通银行股份有限公司	A类 0.00	1000000.00
5	招商基金管理有限公司	招商银行股份有限公司	A类 0.00	200000.00
6	招商基金管理有限公司	中国银行股份有限公司	C类 0.00	150000.00
7	招商基金管理有限公司	兴业银行股份有限公司	A类 0.00	80000.00
8	招商基金管理有限公司	中信银行股份有限公司	A类 0.00	300000.00
1	招商基金管理有限公司 中国建设银行股份有限公司 A类 0.00	120000.00
2	招商基金管理有限公司 中国工商银行股份有限公司 A类 0.00	50000.00
3	招商基金管理有限公司 中国农业银行股份有限公司 C类 0.00	100000.00
4	招商基金管理有限公司	交通银行股份有限公司	A类 0.00	1000000.00
5	招商基金管理有限公司	招商银行股份有限公司	A类 0.00	200000.00
6	招商基金管理有限公司	中国银行股份有限公司	C类 0.00	150000.00
7	招商基金管理有限公司	兴业银行股份有限公司	A类 0.00	80000.00
8	招商基金管理有限公司	中信银行股份有限公司	A类 0.00	300000.00
1	招商基金管理有限公司 中国建设银行股份有限公司 A类 0.00	120000.00
2	招商基金管理有限公司 中国工商银行股份有限公司 A类 0.00	50000.00
3	招商基金管理有限公司 中国农业银行股份有限公司 C类 0.00	100000.00
4	招商基金管理有限公司	交通银行股份有限公司	A类 0.00	1000000.00
5	招商基金管理有限公司	招商银行股份有限公司	A类 0.00	200000.00
6	招商基金管理有限公司	中国银行股份有限公司	C类 0.00	150000.00
7	招商基金管理有限公司	兴业银行股份有限公司	A类 0.00	80000.00
8	招商基金管理有限公司	中信银行股份有限公司	A类 0.00	300000.00
1	招商基金管理有限公司 中国建设银行股份有限公司 A类 0.00	120000.00
2	招商基金管理有限公司 中国工商银行股份有限公司 A类 0.00	50000.00
3	招商基金管理有限公司 中国农业银行股份有限公司 C类 0.00	100000.00
4	招商基金管理有限公司	交通银行股份有限公司	A类 0.00	1000000.00
5	招商基金管理有限公司	招商银行股份有限公司	A类 0.00	200000.00
6	招商基金管理有限公司	中国银行股份有限公司	C类 0.00	150000.00
7	招商基金管理有限公司	兴业银行股份有限公司	A类 0.00	80000.00
8	招商基金管理有限公司	中信银行股份有限公司	A类 0.00	300000.00
1	招商基金管理有限公司 中国建设银行股份有限公司 A类 0.00	120000.00
2	招商基金管理有限公司 中国工商银行股份有限公司 A类 0.00	50000.00
3	招商基金管理有限公司 中国农业银行股份有限公司 C类 0.00	100000.00
4	招商基金管理有限公司	交通银行股份有限公司	A类 0.00	1000000.00
5	招商基金管理有限公司	招商银行股份有限公司	A类 0.00	200000.00
6	招商基金管理有限公司	中国银行股份有限公司	C类 0.00	150000.00
7	招商基金管理有限公司	兴业银行股份有限公司	A类 0.00	80000.00
8	招商基金管理有限公司	中信银行股份有限公司	A类 0.00	300000.00
1	招商基金管理有限公司 中国建设银行股份有限公司 A类 0.00	120000.00
2	招商基金管理有限公司 中国工商银行股份有限公司 A类 0.00	50000.00
3	招商基金管理有限公司 中国农业银行股份有限公司 C类 0.00	100000.00
4	招商基金管理有限公司	交通银行股份有限公司	A类 0.00	1000000.00
5	招商基金管理有限公司	招商银行股份有限公司	A类 0.00	200000.00
6	招商基金管理有限公司	中国银行股份有限公司	C类 0.00	150000.00
7	招商基金管理有限公司	兴业银行股份有限公司	A类 0.00	80000.00
8	招商基金管理有限公司	中信银行股份有限公司	A类 0.00	300000.00
1	招商基金管理有限公司 中国建设银行股份有限公司 A类 0.00	120000.00
2	招商基金管理有限公司 中国工商银行股份有限公司 A类 0.00	50000.00
3	招商基金管理有限公司 中国农业银行股份有限公司 C类 0.00	100000.00
4	招商基金管理有限公司	交通银行股份有限公司	A类 0.00	1000000.00
5	招商基金管理有限公司	招商银行股份有限公司	A类 0.00	200000.00
6	招商基金管理有限公司	中国银行股份有限公司	C类 0.00	150000.00
7	招商基金管理有限公司	兴业银行股份有限公司	A类 0.00	80000.00
8	招商基金管理有限公司	中信银行股份有限公司	A类 0.00	300000.00
1	招商基金管理有限公司 中国建设银行股份有限公司 A类 0.00	120000.00
2	招商基金管理有限公司 中国工商银行股份有限公司 A类 0.00	50000.00
3	招商基金管理有限公司 中国农业银行股份有限公司 C类 0.00	100000.00
4	招商基金管理有限公司	交通银行股份有限公司	A类 0.00	1000000.00
(下转A33版)
